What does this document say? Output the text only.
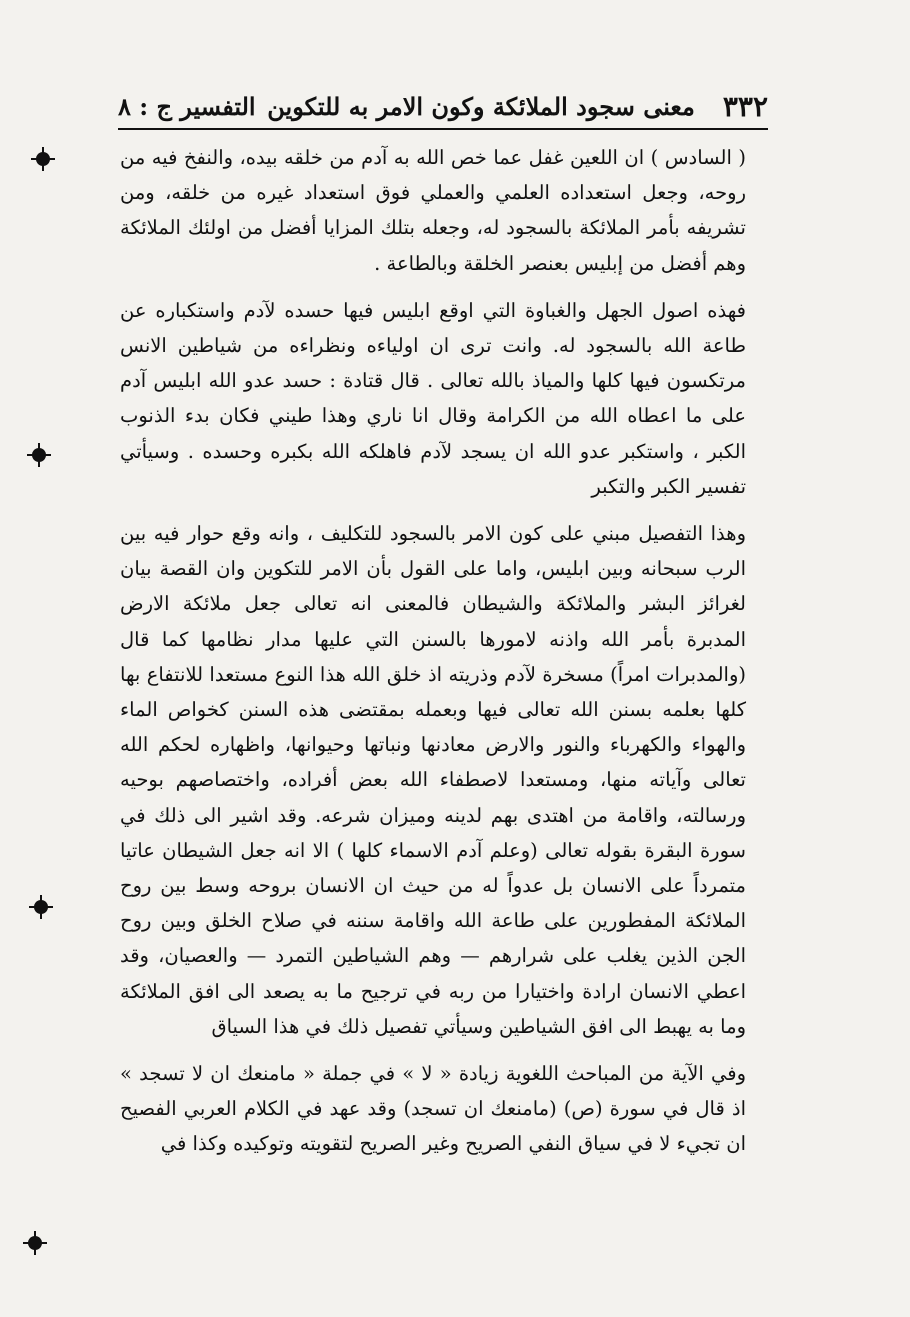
٣٣٢
معنى سجود الملائكة وكون الامر به للتكوين
التفسير ج : ٨

( السادس ) ان اللعين غفل عما خص الله به آدم من خلقه بيده، والنفخ فيه من روحه، وجعل استعداده العلمي والعملي فوق استعداد غيره من خلقه، ومن تشريفه بأمر الملائكة بالسجود له، وجعله بتلك المزايا أفضل من اولئك الملائكة وهم أفضل من إبليس بعنصر الخلقة وبالطاعة .

فهذه اصول الجهل والغباوة التي اوقع ابليس فيها حسده لآدم واستكباره عن طاعة الله بالسجود له. وانت ترى ان اولياءه ونظراءه من شياطين الانس مرتكسون فيها كلها والمياذ بالله تعالى . قال قتادة : حسد عدو الله ابليس آدم على ما اعطاه الله من الكرامة وقال انا ناري وهذا طيني فكان بدء الذنوب الكبر ، واستكبر عدو الله ان يسجد لآدم فاهلكه الله بكبره وحسده . وسيأتي تفسير الكبر والتكبر

وهذا التفصيل مبني على كون الامر بالسجود للتكليف ، وانه وقع حوار فيه بين الرب سبحانه وبين ابليس، واما على القول بأن الامر للتكوين وان القصة بيان لغرائز البشر والملائكة والشيطان فالمعنى انه تعالى جعل ملائكة الارض المدبرة بأمر الله واذنه لامورها بالسنن التي عليها مدار نظامها كما قال (والمدبرات امراً) مسخرة لآدم وذريته اذ خلق الله هذا النوع مستعدا للانتفاع بها كلها بعلمه بسنن الله تعالى فيها وبعمله بمقتضى هذه السنن كخواص الماء والهواء والكهرباء والنور والارض معادنها ونباتها وحيوانها، واظهاره لحكم الله تعالى وآياته منها، ومستعدا لاصطفاء الله بعض أفراده، واختصاصهم بوحيه ورسالته، واقامة من اهتدى بهم لدينه وميزان شرعه. وقد اشير الى ذلك في سورة البقرة بقوله تعالى (وعلم آدم الاسماء كلها ) الا انه جعل الشيطان عاتيا متمرداً على الانسان بل عدواً له من حيث ان الانسان بروحه وسط بين روح الملائكة المفطورين على طاعة الله واقامة سننه في صلاح الخلق وبين روح الجن الذين يغلب على شرارهم — وهم الشياطين التمرد — والعصيان، وقد اعطي الانسان ارادة واختيارا من ربه في ترجيح ما به يصعد الى افق الملائكة وما به يهبط الى افق الشياطين وسيأتي تفصيل ذلك في هذا السياق

وفي الآية من المباحث اللغوية زيادة « لا » في جملة « مامنعك ان لا تسجد » اذ قال في سورة (ص) (مامنعك ان تسجد) وقد عهد في الكلام العربي الفصيح ان تجيء لا في سياق النفي الصريح وغير الصريح لتقويته وتوكيده وكذا في
